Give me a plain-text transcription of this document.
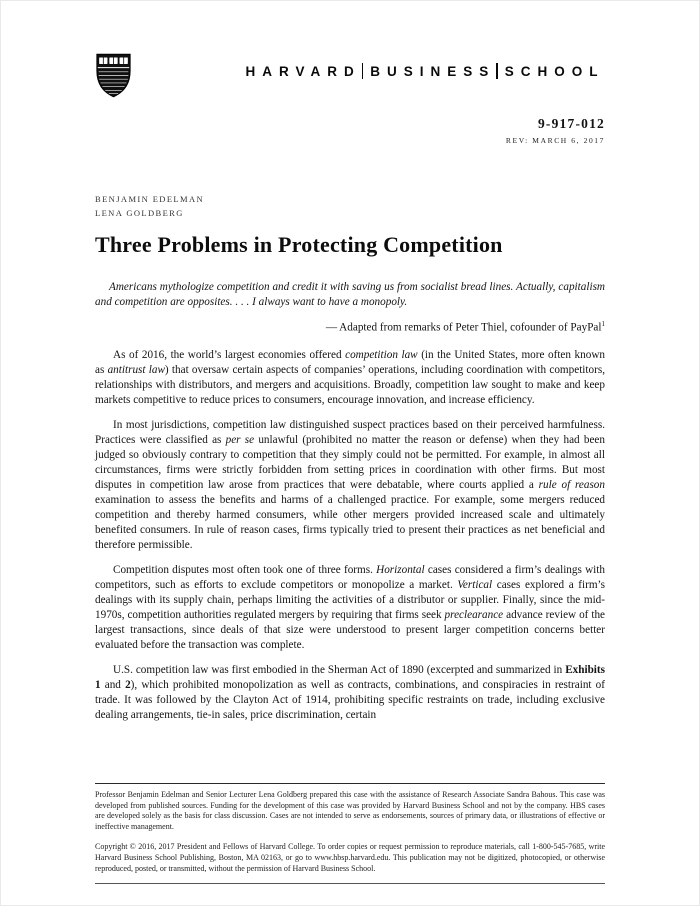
HARVARD BUSINESS SCHOOL
9-917-012
REV: MARCH 6, 2017
BENJAMIN EDELMAN
LENA GOLDBERG
Three Problems in Protecting Competition

Americans mythologize competition and credit it with saving us from socialist bread lines. Actually, capitalism and competition are opposites. . . . I always want to have a monopoly.

— Adapted from remarks of Peter Thiel, cofounder of PayPal$^1$

As of 2016, the world’s largest economies offered competition law (in the United States, more often known as antitrust law) that oversaw certain aspects of companies’ operations, including coordination with competitors, relationships with distributors, and mergers and acquisitions. Broadly, competition law sought to make and keep markets competitive to reduce prices to consumers, encourage innovation, and increase efficiency.

In most jurisdictions, competition law distinguished suspect practices based on their perceived harmfulness. Practices were classified as per se unlawful (prohibited no matter the reason or defense) when they had been judged so obviously contrary to competition that they simply could not be permitted. For example, in almost all circumstances, firms were strictly forbidden from setting prices in coordination with other firms. But most disputes in competition law arose from practices that were debatable, where courts applied a rule of reason examination to assess the benefits and harms of a challenged practice. For example, some mergers reduced competition and thereby harmed consumers, while other mergers provided increased scale and ultimately benefited consumers. In rule of reason cases, firms typically tried to present their practices as net beneficial and therefore permissible.

Competition disputes most often took one of three forms. Horizontal cases considered a firm’s dealings with competitors, such as efforts to exclude competitors or monopolize a market. Vertical cases explored a firm’s dealings with its supply chain, perhaps limiting the activities of a distributor or supplier. Finally, since the mid-1970s, competition authorities regulated mergers by requiring that firms seek preclearance advance review of the largest transactions, since deals of that size were understood to present larger competition concerns better evaluated before the transaction was complete.

U.S. competition law was first embodied in the Sherman Act of 1890 (excerpted and summarized in Exhibits 1 and 2), which prohibited monopolization as well as contracts, combinations, and conspiracies in restraint of trade. It was followed by the Clayton Act of 1914, prohibiting specific restraints on trade, including exclusive dealing arrangements, tie-in sales, price discrimination, certain

Professor Benjamin Edelman and Senior Lecturer Lena Goldberg prepared this case with the assistance of Research Associate Sandra Bahous. This case was developed from published sources. Funding for the development of this case was provided by Harvard Business School and not by the company. HBS cases are developed solely as the basis for class discussion. Cases are not intended to serve as endorsements, sources of primary data, or illustrations of effective or ineffective management.

Copyright © 2016, 2017 President and Fellows of Harvard College. To order copies or request permission to reproduce materials, call 1-800-545-7685, write Harvard Business School Publishing, Boston, MA 02163, or go to www.hbsp.harvard.edu. This publication may not be digitized, photocopied, or otherwise reproduced, posted, or transmitted, without the permission of Harvard Business School.
